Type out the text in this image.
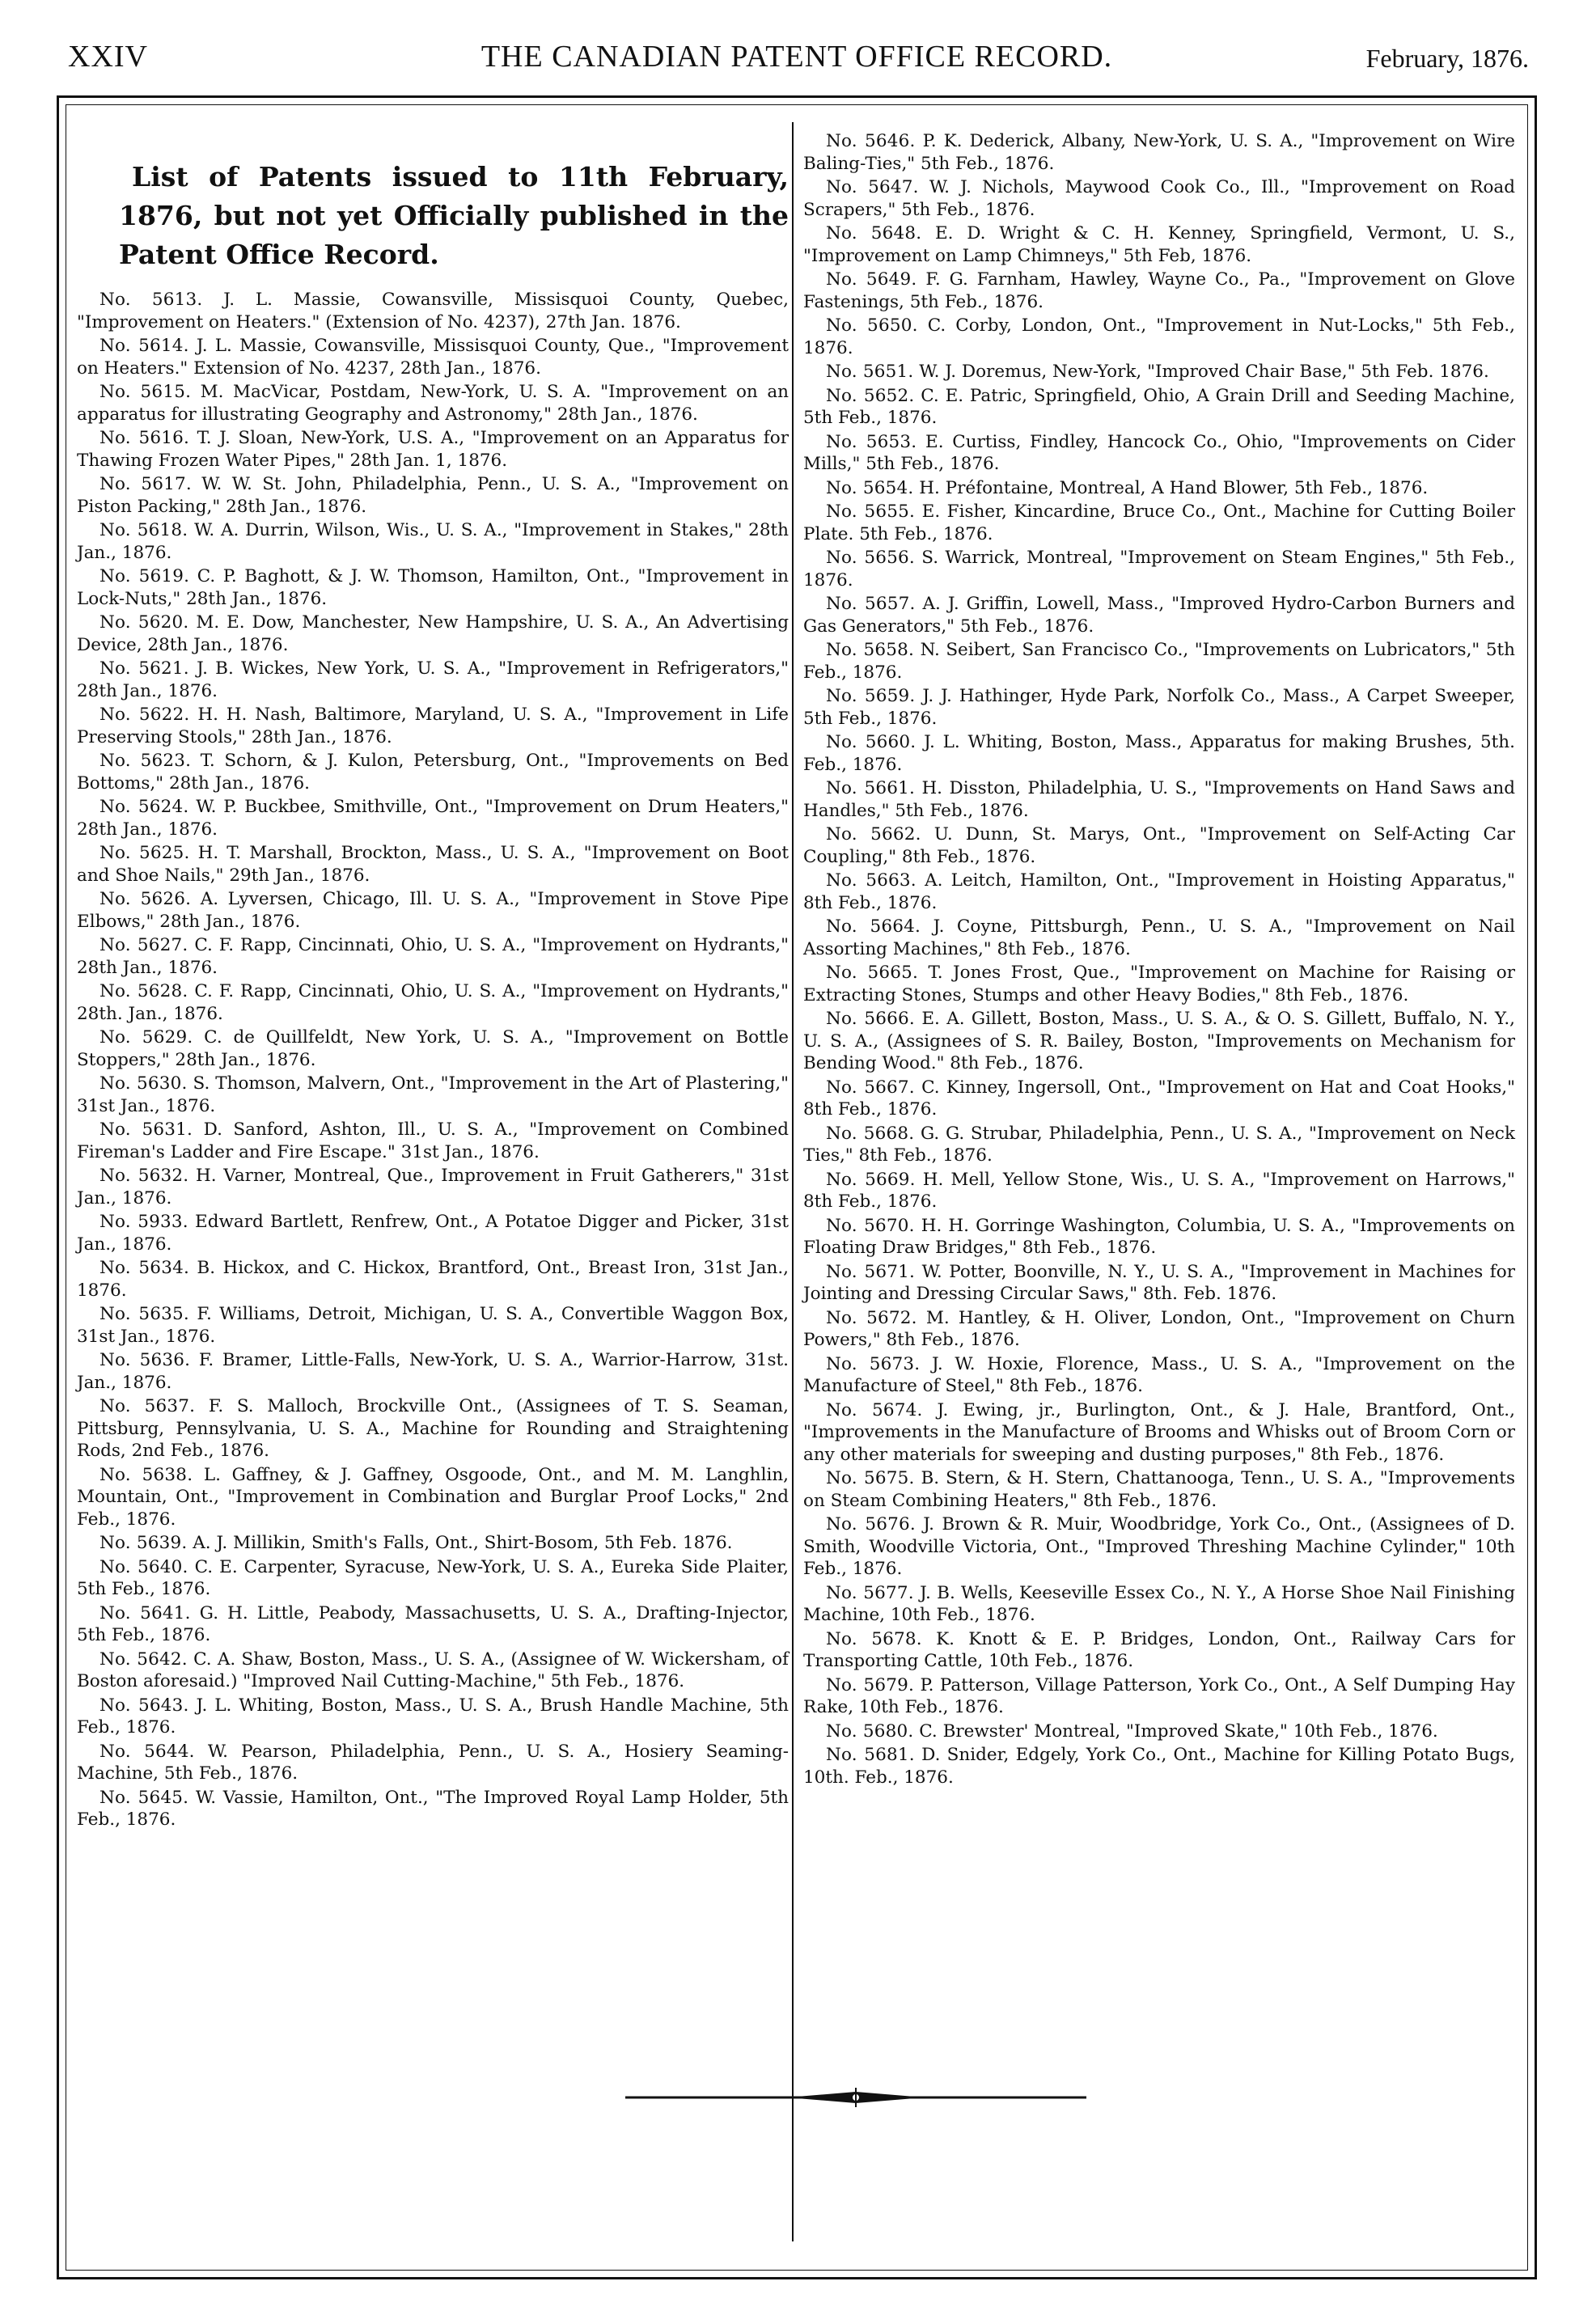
XXIV	THE CANADIAN PATENT OFFICE RECORD.	February, 1876.
List of Patents issued to 11th February, 1876, but not yet Officially published in the Patent Office Record.
No. 5613. J. L. Massie, Cowansville, Missisquoi County, Quebec, "Improvement on Heaters." (Extension of No. 4237), 27th Jan. 1876.
No. 5614. J. L. Massie, Cowansville, Missisquoi County, Que., "Improvement on Heaters." Extension of No. 4237, 28th Jan., 1876.
No. 5615. M. MacVicar, Postdam, New-York, U. S. A. "Improvement on an apparatus for illustrating Geography and Astronomy," 28th Jan., 1876.
No. 5616. T. J. Sloan, New-York, U.S. A., "Improvement on an Apparatus for Thawing Frozen Water Pipes," 28th Jan. 1, 1876.
No. 5617. W. W. St. John, Philadelphia, Penn., U. S. A., "Improvement on Piston Packing," 28th Jan., 1876.
No. 5618. W. A. Durrin, Wilson, Wis., U. S. A., "Improvement in Stakes," 28th Jan., 1876.
No. 5619. C. P. Baghott, & J. W. Thomson, Hamilton, Ont., "Improvement in Lock-Nuts," 28th Jan., 1876.
No. 5620. M. E. Dow, Manchester, New Hampshire, U. S. A., An Advertising Device, 28th Jan., 1876.
No. 5621. J. B. Wickes, New York, U. S. A., "Improvement in Refrigerators," 28th Jan., 1876.
No. 5622. H. H. Nash, Baltimore, Maryland, U. S. A., "Improvement in Life Preserving Stools," 28th Jan., 1876.
No. 5623. T. Schorn, & J. Kulon, Petersburg, Ont., "Improvements on Bed Bottoms," 28th Jan., 1876.
No. 5624. W. P. Buckbee, Smithville, Ont., "Improvement on Drum Heaters," 28th Jan., 1876.
No. 5625. H. T. Marshall, Brockton, Mass., U. S. A., "Improvement on Boot and Shoe Nails," 29th Jan., 1876.
No. 5626. A. Lyversen, Chicago, Ill. U. S. A., "Improvement in Stove Pipe Elbows," 28th Jan., 1876.
No. 5627. C. F. Rapp, Cincinnati, Ohio, U. S. A., "Improvement on Hydrants," 28th Jan., 1876.
No. 5628. C. F. Rapp, Cincinnati, Ohio, U. S. A., "Improvement on Hydrants," 28th. Jan., 1876.
No. 5629. C. de Quillfeldt, New York, U. S. A., "Improvement on Bottle Stoppers," 28th Jan., 1876.
No. 5630. S. Thomson, Malvern, Ont., "Improvement in the Art of Plastering," 31st Jan., 1876.
No. 5631. D. Sanford, Ashton, Ill., U. S. A., "Improvement on Combined Fireman's Ladder and Fire Escape." 31st Jan., 1876.
No. 5632. H. Varner, Montreal, Que., Improvement in Fruit Gatherers," 31st Jan., 1876.
No. 5933. Edward Bartlett, Renfrew, Ont., A Potatoe Digger and Picker, 31st Jan., 1876.
No. 5634. B. Hickox, and C. Hickox, Brantford, Ont., Breast Iron, 31st Jan., 1876.
No. 5635. F. Williams, Detroit, Michigan, U. S. A., Convertible Waggon Box, 31st Jan., 1876.
No. 5636. F. Bramer, Little-Falls, New-York, U. S. A., Warrior-Harrow, 31st. Jan., 1876.
No. 5637. F. S. Malloch, Brockville Ont., (Assignees of T. S. Seaman, Pittsburg, Pennsylvania, U. S. A., Machine for Rounding and Straightening Rods, 2nd Feb., 1876.
No. 5638. L. Gaffney, & J. Gaffney, Osgoode, Ont., and M. M. Langhlin, Mountain, Ont., "Improvement in Combination and Burglar Proof Locks," 2nd Feb., 1876.
No. 5639. A. J. Millikin, Smith's Falls, Ont., Shirt-Bosom, 5th Feb. 1876.
No. 5640. C. E. Carpenter, Syracuse, New-York, U. S. A., Eureka Side Plaiter, 5th Feb., 1876.
No. 5641. G. H. Little, Peabody, Massachusetts, U. S. A., Drafting-Injector, 5th Feb., 1876.
No. 5642. C. A. Shaw, Boston, Mass., U. S. A., (Assignee of W. Wickersham, of Boston aforesaid.) "Improved Nail Cutting-Machine," 5th Feb., 1876.
No. 5643. J. L. Whiting, Boston, Mass., U. S. A., Brush Handle Machine, 5th Feb., 1876.
No. 5644. W. Pearson, Philadelphia, Penn., U. S. A., Hosiery Seaming-Machine, 5th Feb., 1876.
No. 5645. W. Vassie, Hamilton, Ont., "The Improved Royal Lamp Holder, 5th Feb., 1876.
No. 5646. P. K. Dederick, Albany, New-York, U. S. A., "Improvement on Wire Baling-Ties," 5th Feb., 1876.
No. 5647. W. J. Nichols, Maywood Cook Co., Ill., "Improvement on Road Scrapers," 5th Feb., 1876.
No. 5648. E. D. Wright & C. H. Kenney, Springfield, Vermont, U. S., "Improvement on Lamp Chimneys," 5th Feb, 1876.
No. 5649. F. G. Farnham, Hawley, Wayne Co., Pa., "Improvement on Glove Fastenings, 5th Feb., 1876.
No. 5650. C. Corby, London, Ont., "Improvement in Nut-Locks," 5th Feb., 1876.
No. 5651. W. J. Doremus, New-York, "Improved Chair Base," 5th Feb. 1876.
No. 5652. C. E. Patric, Springfield, Ohio, A Grain Drill and Seeding Machine, 5th Feb., 1876.
No. 5653. E. Curtiss, Findley, Hancock Co., Ohio, "Improvements on Cider Mills," 5th Feb., 1876.
No. 5654. H. Préfontaine, Montreal, A Hand Blower, 5th Feb., 1876.
No. 5655. E. Fisher, Kincardine, Bruce Co., Ont., Machine for Cutting Boiler Plate. 5th Feb., 1876.
No. 5656. S. Warrick, Montreal, "Improvement on Steam Engines," 5th Feb., 1876.
No. 5657. A. J. Griffin, Lowell, Mass., "Improved Hydro-Carbon Burners and Gas Generators," 5th Feb., 1876.
No. 5658. N. Seibert, San Francisco Co., "Improvements on Lubricators," 5th Feb., 1876.
No. 5659. J. J. Hathinger, Hyde Park, Norfolk Co., Mass., A Carpet Sweeper, 5th Feb., 1876.
No. 5660. J. L. Whiting, Boston, Mass., Apparatus for making Brushes, 5th. Feb., 1876.
No. 5661. H. Disston, Philadelphia, U. S., "Improvements on Hand Saws and Handles," 5th Feb., 1876.
No. 5662. U. Dunn, St. Marys, Ont., "Improvement on Self-Acting Car Coupling," 8th Feb., 1876.
No. 5663. A. Leitch, Hamilton, Ont., "Improvement in Hoisting Apparatus," 8th Feb., 1876.
No. 5664. J. Coyne, Pittsburgh, Penn., U. S. A., "Improvement on Nail Assorting Machines," 8th Feb., 1876.
No. 5665. T. Jones Frost, Que., "Improvement on Machine for Raising or Extracting Stones, Stumps and other Heavy Bodies," 8th Feb., 1876.
No. 5666. E. A. Gillett, Boston, Mass., U. S. A., & O. S. Gillett, Buffalo, N. Y., U. S. A., (Assignees of S. R. Bailey, Boston, "Improvements on Mechanism for Bending Wood." 8th Feb., 1876.
No. 5667. C. Kinney, Ingersoll, Ont., "Improvement on Hat and Coat Hooks," 8th Feb., 1876.
No. 5668. G. G. Strubar, Philadelphia, Penn., U. S. A., "Improvement on Neck Ties," 8th Feb., 1876.
No. 5669. H. Mell, Yellow Stone, Wis., U. S. A., "Improvement on Harrows," 8th Feb., 1876.
No. 5670. H. H. Gorringe Washington, Columbia, U. S. A., "Improvements on Floating Draw Bridges," 8th Feb., 1876.
No. 5671. W. Potter, Boonville, N. Y., U. S. A., "Improvement in Machines for Jointing and Dressing Circular Saws," 8th. Feb. 1876.
No. 5672. M. Hantley, & H. Oliver, London, Ont., "Improvement on Churn Powers," 8th Feb., 1876.
No. 5673. J. W. Hoxie, Florence, Mass., U. S. A., "Improvement on the Manufacture of Steel," 8th Feb., 1876.
No. 5674. J. Ewing, jr., Burlington, Ont., & J. Hale, Brantford, Ont., "Improvements in the Manufacture of Brooms and Whisks out of Broom Corn or any other materials for sweeping and dusting purposes," 8th Feb., 1876.
No. 5675. B. Stern, & H. Stern, Chattanooga, Tenn., U. S. A., "Improvements on Steam Combining Heaters," 8th Feb., 1876.
No. 5676. J. Brown & R. Muir, Woodbridge, York Co., Ont., (Assignees of D. Smith, Woodville Victoria, Ont., "Improved Threshing Machine Cylinder," 10th Feb., 1876.
No. 5677. J. B. Wells, Keeseville Essex Co., N. Y., A Horse Shoe Nail Finishing Machine, 10th Feb., 1876.
No. 5678. K. Knott & E. P. Bridges, London, Ont., Railway Cars for Transporting Cattle, 10th Feb., 1876.
No. 5679. P. Patterson, Village Patterson, York Co., Ont., A Self Dumping Hay Rake, 10th Feb., 1876.
No. 5680. C. Brewster' Montreal, "Improved Skate," 10th Feb., 1876.
No. 5681. D. Snider, Edgely, York Co., Ont., Machine for Killing Potato Bugs, 10th. Feb., 1876.
